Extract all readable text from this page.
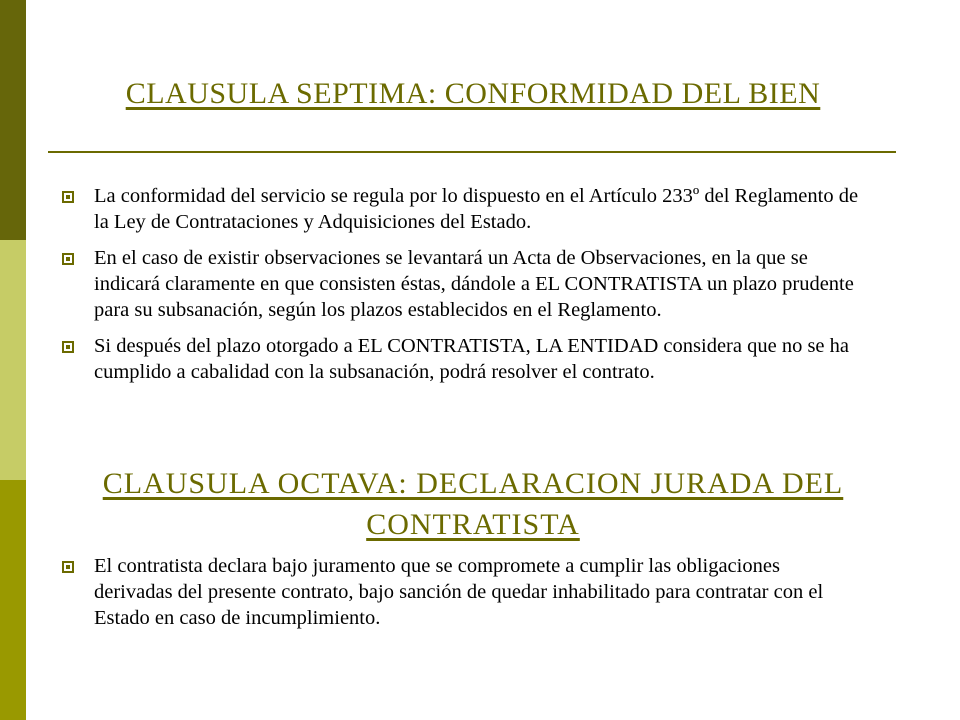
CLAUSULA SEPTIMA: CONFORMIDAD DEL BIEN
La conformidad del servicio se regula por lo dispuesto en el Artículo 233º del Reglamento de la Ley de Contrataciones y Adquisiciones del Estado.
En el caso de existir observaciones se levantará un Acta de Observaciones, en la que se indicará claramente en que consisten éstas, dándole a EL CONTRATISTA un plazo prudente para su subsanación, según los plazos establecidos en el Reglamento.
Si después del plazo otorgado a EL CONTRATISTA, LA ENTIDAD considera que no se ha cumplido a cabalidad con la subsanación, podrá resolver el contrato.
CLAUSULA OCTAVA: DECLARACION JURADA DEL CONTRATISTA
El contratista declara bajo juramento que se compromete a cumplir las obligaciones derivadas del presente contrato, bajo sanción de quedar inhabilitado para contratar con el Estado en caso de incumplimiento.
